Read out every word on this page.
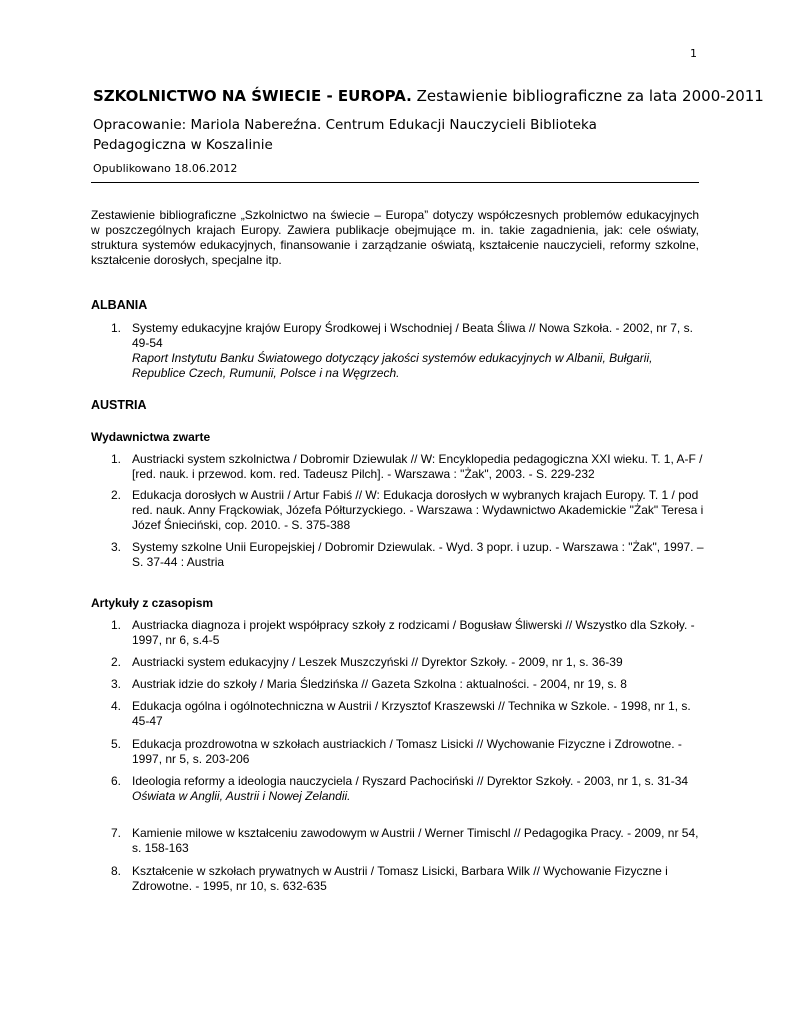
1
SZKOLNICTWO NA ŚWIECIE - EUROPA. Zestawienie bibliograficzne za lata 2000-2011
Opracowanie: Mariola Nabereźna. Centrum Edukacji Nauczycieli Biblioteka Pedagogiczna w Koszalinie
Opublikowano 18.06.2012
Zestawienie bibliograficzne „Szkolnictwo na świecie – Europa” dotyczy współczesnych problemów edukacyjnych w poszczególnych krajach Europy. Zawiera publikacje obejmujące m. in. takie zagadnienia, jak: cele oświaty, struktura systemów edukacyjnych, finansowanie i zarządzanie oświatą, kształcenie nauczycieli, reformy szkolne, kształcenie dorosłych, specjalne itp.
ALBANIA
1. Systemy edukacyjne krajów Europy Środkowej i Wschodniej / Beata Śliwa // Nowa Szkoła. - 2002, nr 7, s. 49-54
Raport Instytutu Banku Światowego dotyczący jakości systemów edukacyjnych w Albanii, Bułgarii, Republice Czech, Rumunii, Polsce i na Węgrzech.
AUSTRIA
Wydawnictwa zwarte
1. Austriacki system szkolnictwa / Dobromir Dziewulak // W: Encyklopedia pedagogiczna XXI wieku. T. 1, A-F / [red. nauk. i przewod. kom. red. Tadeusz Pilch]. - Warszawa : "Żak", 2003. - S. 229-232
2. Edukacja dorosłych w Austrii / Artur Fabiś // W: Edukacja dorosłych w wybranych krajach Europy. T. 1 / pod red. nauk. Anny Frąckowiak, Józefa Półturzyckiego. - Warszawa : Wydawnictwo Akademickie "Żak" Teresa i Józef Śnieciński, cop. 2010. - S. 375-388
3. Systemy szkolne Unii Europejskiej / Dobromir Dziewulak. - Wyd. 3 popr. i uzup. - Warszawa : "Żak", 1997. – S. 37-44 : Austria
Artykuły z czasopism
1. Austriacka diagnoza i projekt współpracy szkoły z rodzicami / Bogusław Śliwerski // Wszystko dla Szkoły. - 1997, nr 6, s.4-5
2. Austriacki system edukacyjny / Leszek Muszczyński // Dyrektor Szkoły. - 2009, nr 1, s. 36-39
3. Austriak idzie do szkoły / Maria Śledzińska // Gazeta Szkolna : aktualności. - 2004, nr 19, s. 8
4. Edukacja ogólna i ogólnotechniczna w Austrii / Krzysztof Kraszewski // Technika w Szkole. - 1998, nr 1, s. 45-47
5. Edukacja prozdrowotna w szkołach austriackich / Tomasz Lisicki // Wychowanie Fizyczne i Zdrowotne. - 1997, nr 5, s. 203-206
6. Ideologia reformy a ideologia nauczyciela / Ryszard Pachociński // Dyrektor Szkoły. - 2003, nr 1, s. 31-34
Oświata w Anglii, Austrii i Nowej Zelandii.
7. Kamienie milowe w kształceniu zawodowym w Austrii / Werner Timischl // Pedagogika Pracy. - 2009, nr 54, s. 158-163
8. Kształcenie w szkołach prywatnych w Austrii / Tomasz Lisicki, Barbara Wilk // Wychowanie Fizyczne i Zdrowotne. - 1995, nr 10, s. 632-635
